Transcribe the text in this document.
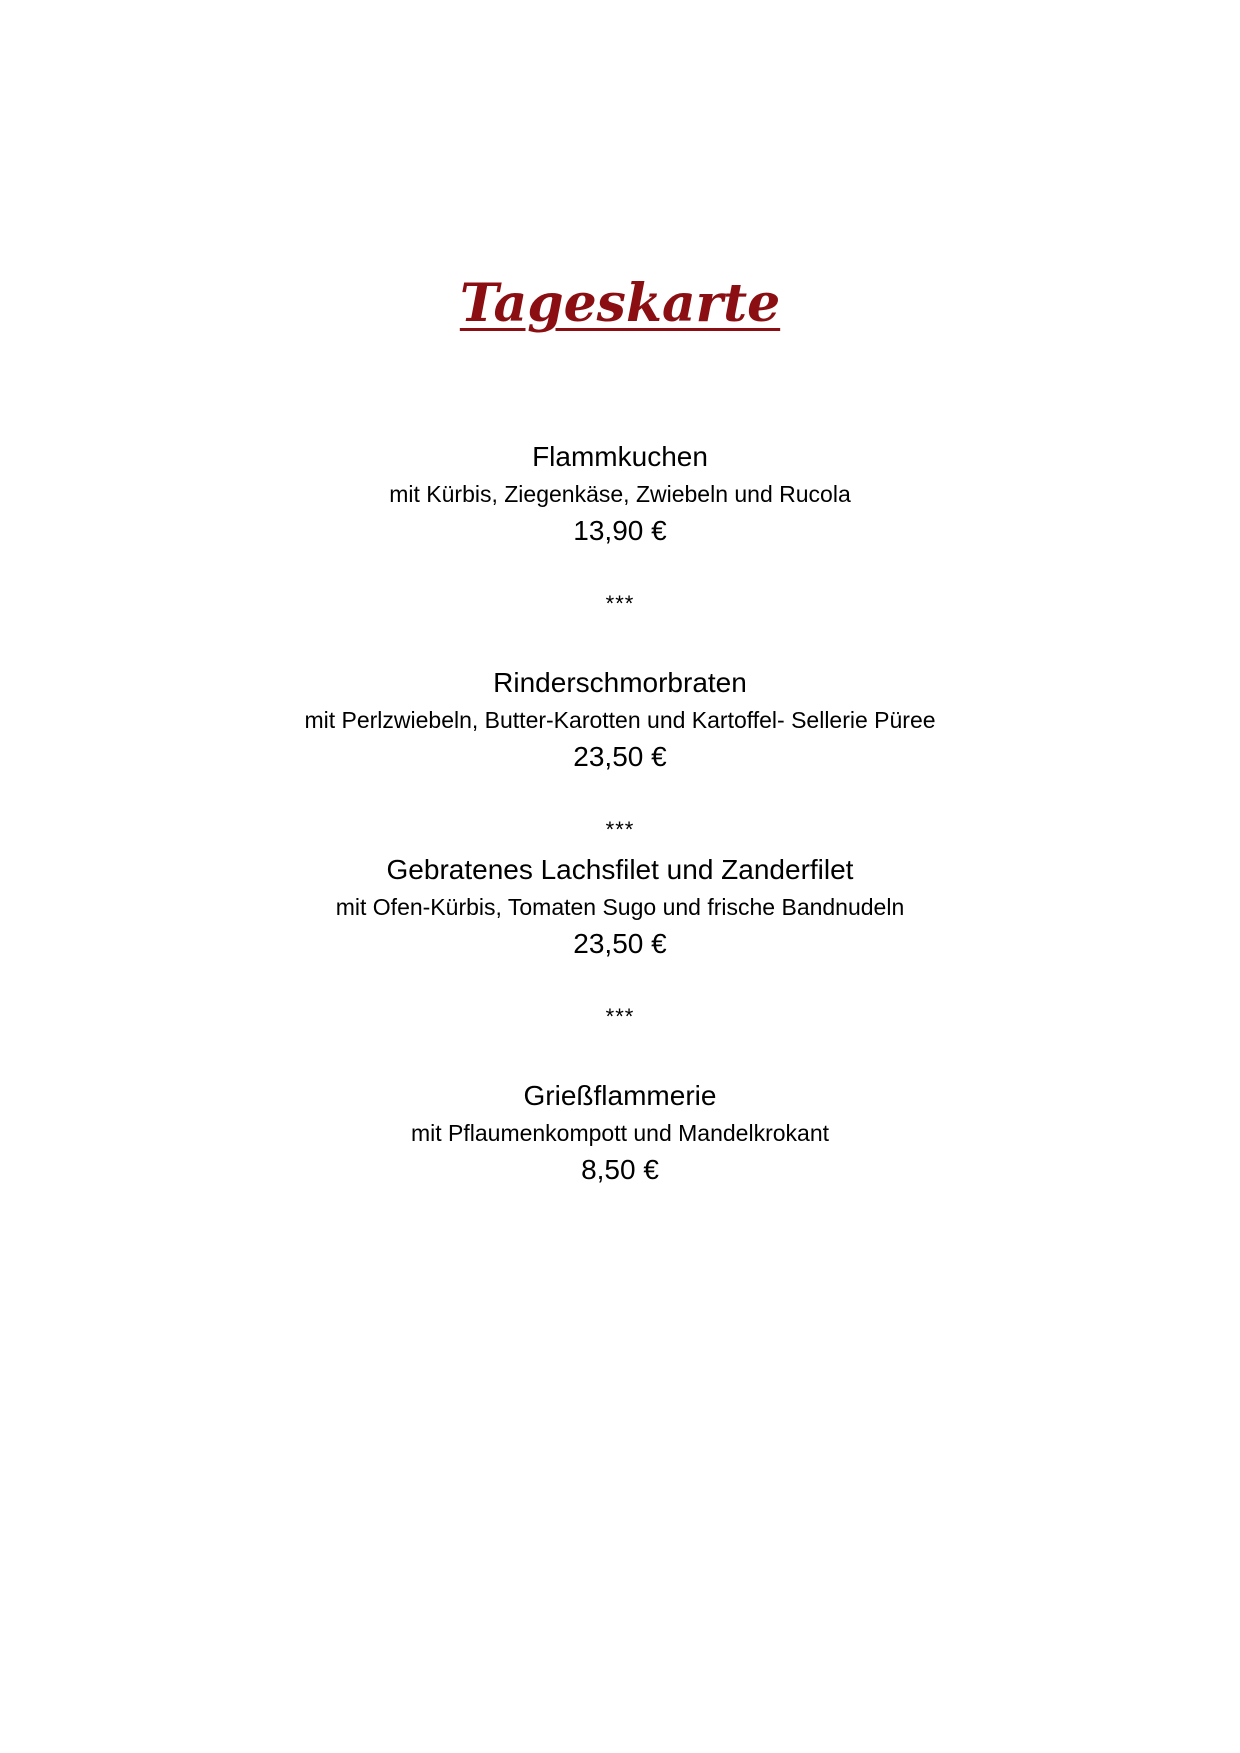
Tageskarte
Flammkuchen
mit Kürbis, Ziegenkäse, Zwiebeln und Rucola
13,90 €
***
Rinderschmorbraten
mit Perlzwiebeln, Butter-Karotten und Kartoffel- Sellerie Püree
23,50 €
***
Gebratenes Lachsfilet und Zanderfilet
mit Ofen-Kürbis, Tomaten Sugo und frische Bandnudeln
23,50 €
***
Grießflammerie
mit Pflaumenkompott und Mandelkrokant
8,50 €
